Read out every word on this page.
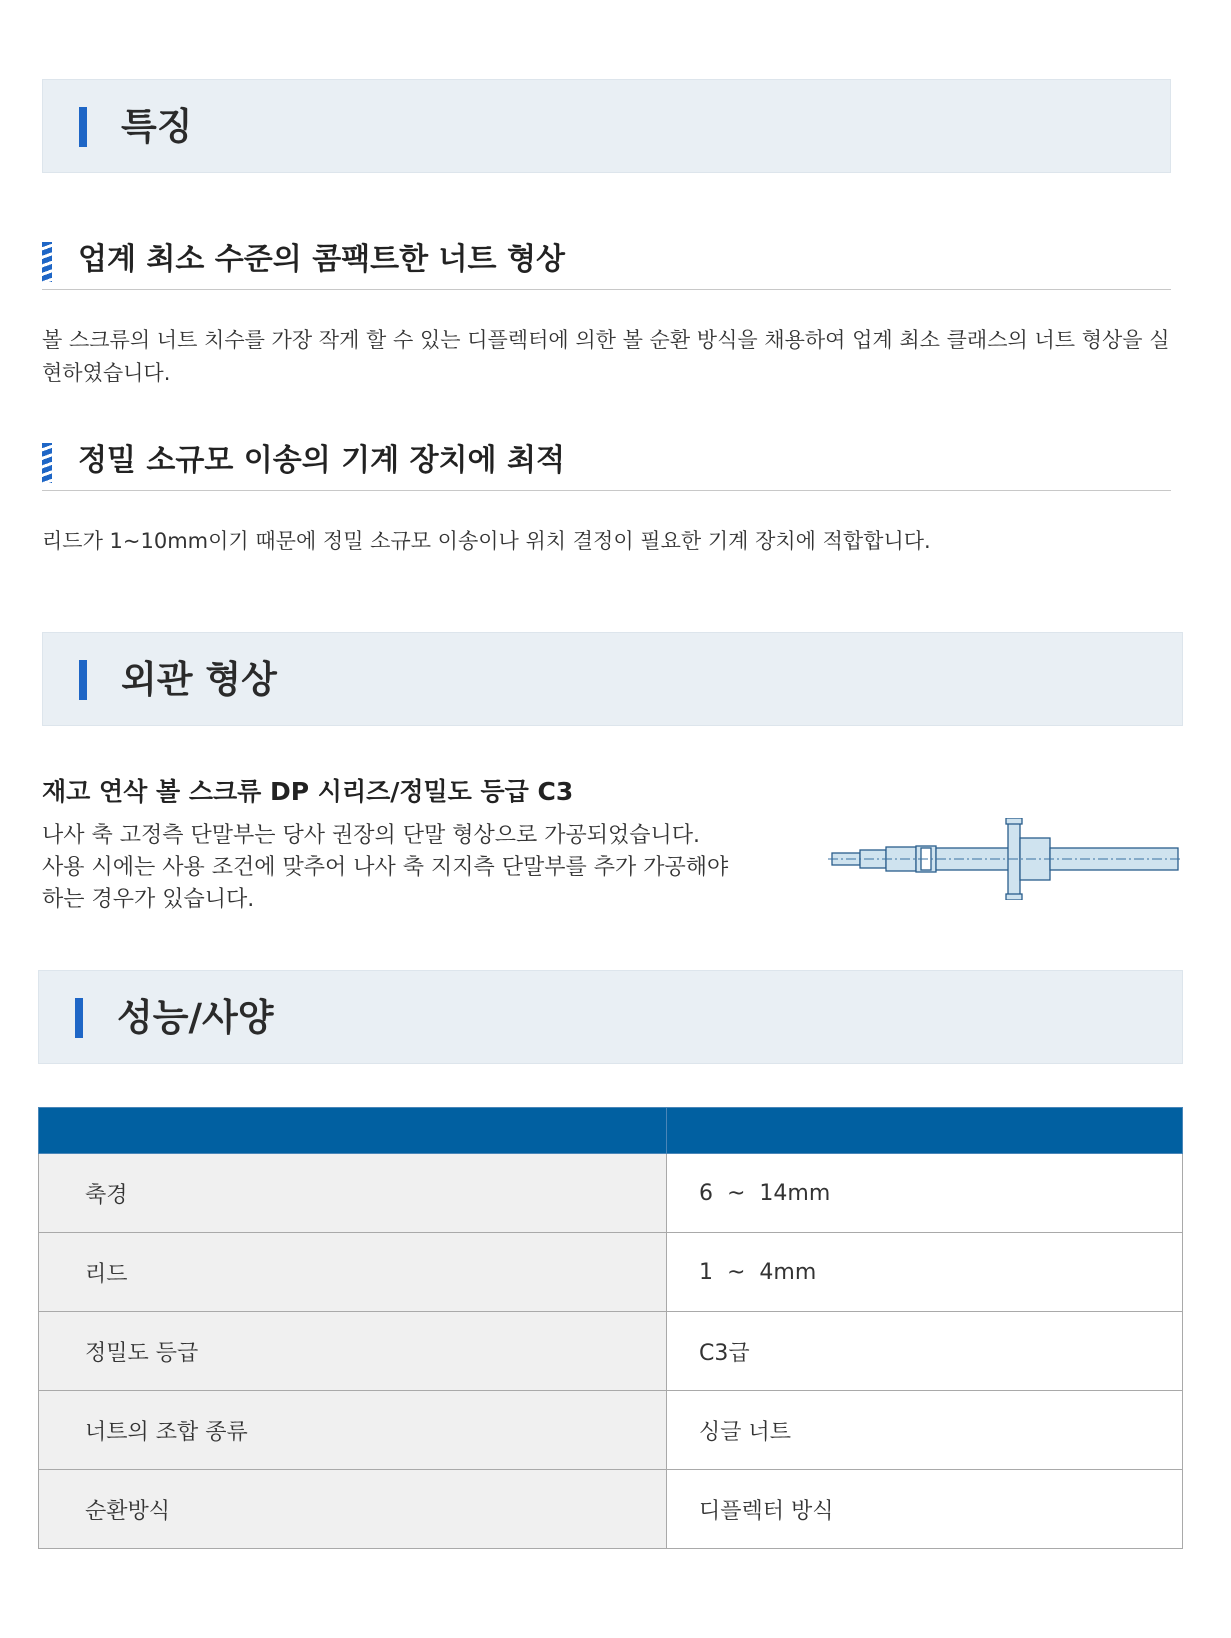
특징
업계 최소 수준의 콤팩트한 너트 형상
볼 스크류의 너트 치수를 가장 작게 할 수 있는 디플렉터에 의한 볼 순환 방식을 채용하여 업계 최소 클래스의 너트 형상을 실현하였습니다.
정밀 소규모 이송의 기계 장치에 최적
리드가 1~10mm이기 때문에 정밀 소규모 이송이나 위치 결정이 필요한 기계 장치에 적합합니다.
외관 형상
재고 연삭 볼 스크류 DP 시리즈/정밀도 등급 C3
나사 축 고정측 단말부는 당사 권장의 단말 형상으로 가공되었습니다.
사용 시에는 사용 조건에 맞추어 나사 축 지지측 단말부를 추가 가공해야
하는 경우가 있습니다.
성능/사양

축경	6  ~  14mm
리드	1  ~  4mm
정밀도 등급	C3급
너트의 조합 종류	싱글 너트
순환방식	디플렉터 방식
